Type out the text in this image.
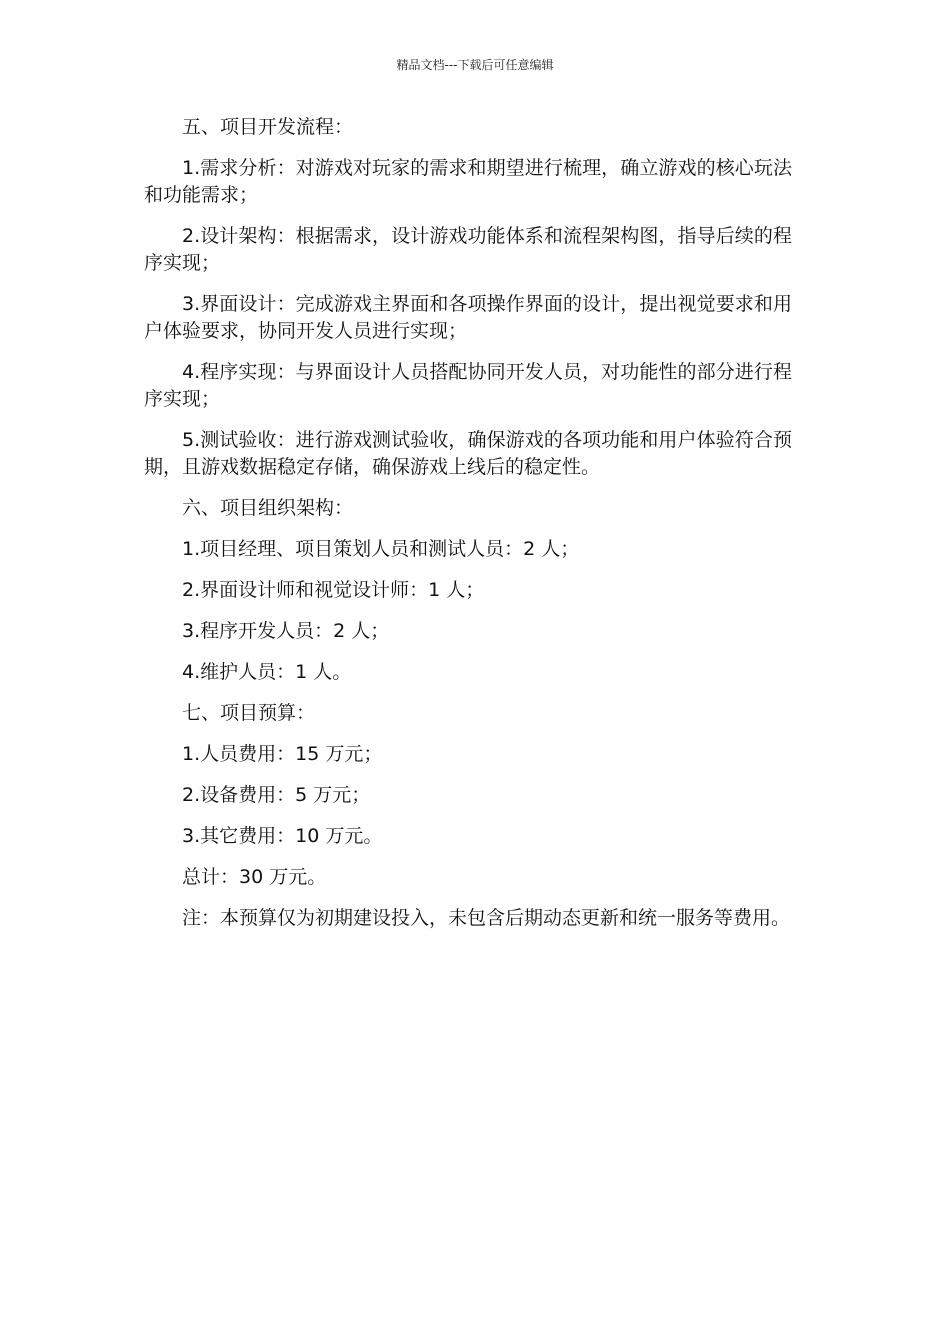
精品文档---下载后可任意编辑

五、项目开发流程：

1.需求分析：对游戏对玩家的需求和期望进行梳理，确立游戏的核心玩法和功能需求；

2.设计架构：根据需求，设计游戏功能体系和流程架构图，指导后续的程序实现；

3.界面设计：完成游戏主界面和各项操作界面的设计，提出视觉要求和用户体验要求，协同开发人员进行实现；

4.程序实现：与界面设计人员搭配协同开发人员，对功能性的部分进行程序实现；

5.测试验收：进行游戏测试验收，确保游戏的各项功能和用户体验符合预期，且游戏数据稳定存储，确保游戏上线后的稳定性。

六、项目组织架构：

1.项目经理、项目策划人员和测试人员：2 人；

2.界面设计师和视觉设计师：1 人；

3.程序开发人员：2 人；

4.维护人员：1 人。

七、项目预算：

1.人员费用：15 万元；

2.设备费用：5 万元；

3.其它费用：10 万元。

总计：30 万元。

注：本预算仅为初期建设投入，未包含后期动态更新和统一服务等费用。
